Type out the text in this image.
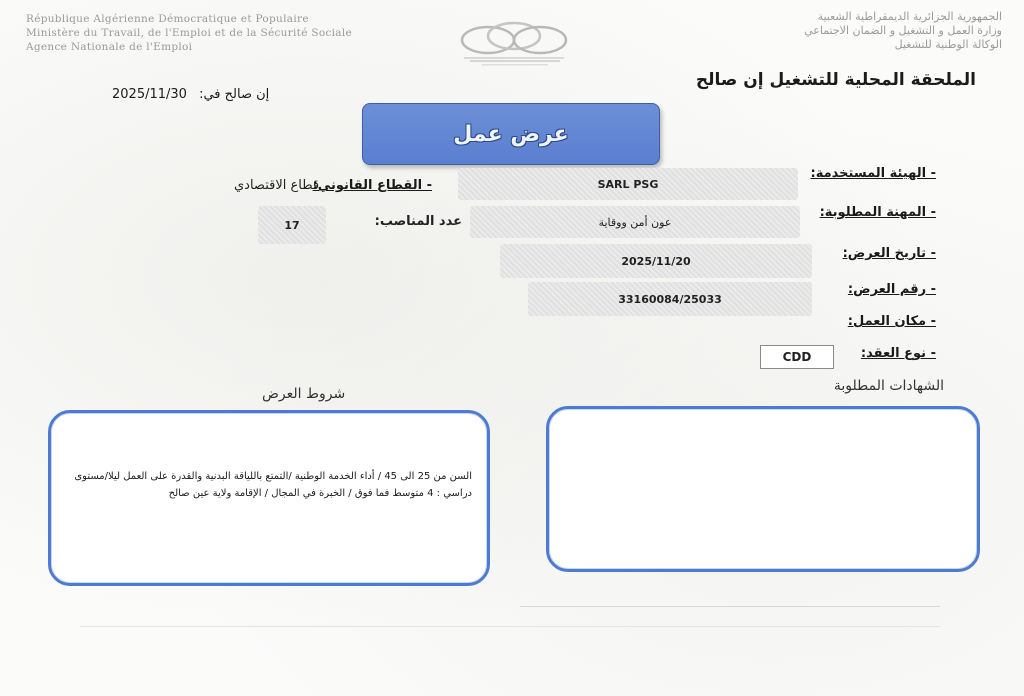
République Algérienne Démocratique et Populaire
Ministère du Travail, de l'Emploi et de la Sécurité Sociale
Agence Nationale de l'Emploi
الجمهورية الجزائرية الديمقراطية الشعبية
وزارة العمل و التشغيل و الضمان الاجتماعي
الوكالة الوطنية للتشغيل
الملحقة المحلية للتشغيل إن صالح
إن صالح في: 2025/11/30
عرض عمل
- الهيئة المستخدمة:
SARL PSG
- القطاع القانوني:
قطاع الاقتصادي
- المهنة المطلوبة:
عون أمن ووقاية
عدد المناصب:
17
- تاريخ العرض:
2025/11/20
- رقم العرض:
33160084/25033
- مكان العمل:
- نوع العقد:
CDD
الشهادات المطلوبة
شروط العرض
السن من 25 الى 45 / أداء الخدمة الوطنية /التمتع باللياقة البدنية والقدرة على العمل ليلا/مستوى دراسي : 4 متوسط فما فوق / الخبرة في المجال / الإقامة ولاية عين صالح
